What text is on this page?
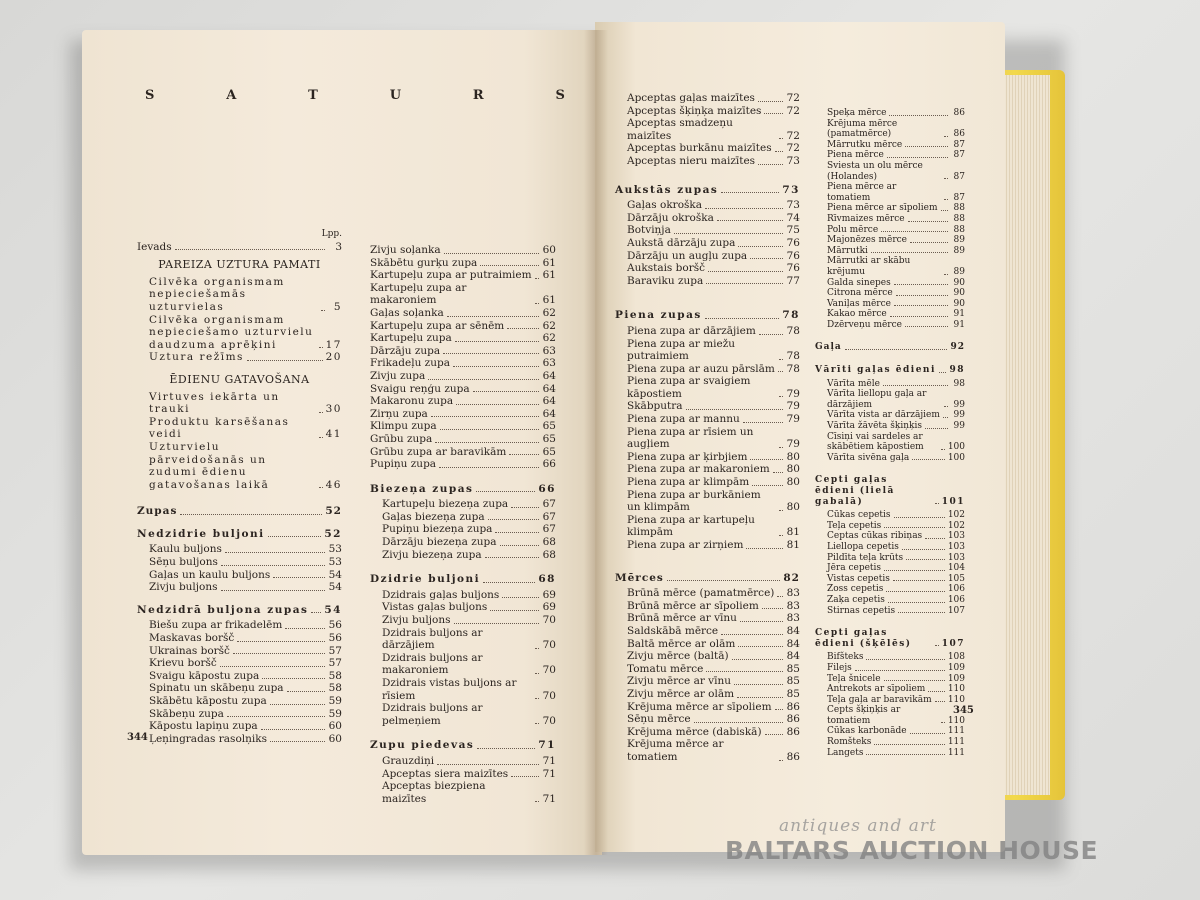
S	A	T	U	R	S
Lpp.
Ievads	3
PAREIZA UZTURA PAMATI
Cilvēka organismam nepieciešamās uzturvielas	5
Cilvēka organismam nepieciešamo uzturvielu daudzuma aprēķini	17
Uztura režīms	20
ĒDIENU GATAVOŠANA
Virtuves iekārta un trauki	30
Produktu karsēšanas veidi	41
Uzturvielu pārveidošanās un zudumi ēdienu gatavošanas laikā	46
Zupas	52
Nedzidrie buljoni	52
Kaulu buljons	53
Sēņu buljons	53
Gaļas un kaulu buljons	54
Zivju buljons	54
Nedzidrā buljona zupas 54
Biešu zupa ar frikadelēm	56
Maskavas boršč	56
Ukrainas boršč	57
Krievu boršč	57
Svaigu kāpostu zupa	58
Spinatu un skābeņu zupa	58
Skābētu kāpostu zupa	59
Skābeņu zupa	59
Kāpostu lapiņu zupa	60
Ļeņingradas rasolņiks	60
Zivju soļanka	60
Skābētu gurķu zupa	61
Kartupeļu zupa ar putraimiem 61
Kartupeļu zupa ar makaroniem	61
Gaļas soļanka	62
Kartupeļu zupa ar sēnēm	62
Kartupeļu zupa	62
Dārzāju zupa	63
Frikadeļu zupa	63
Zivju zupa	64
Svaigu reņģu zupa	64
Makaronu zupa	64
Zirņu zupa	64
Klimpu zupa	65
Grūbu zupa	65
Grūbu zupa ar baravikām	65
Pupiņu zupa	66
Biezeņa zupas	66
Kartupeļu biezeņa zupa	67
Gaļas biezeņa zupa	67
Pupiņu biezeņa zupa	67
Dārzāju biezeņa zupa	68
Zivju biezeņa zupa	68
Dzidrie buljoni	68
Dzidrais gaļas buljons	69
Vistas gaļas buljons	69
Zivju buljons	70
Dzidrais buljons ar dārzājiem	70
Dzidrais buljons ar makaroniem	70
Dzidrais vistas buljons ar rīsiem	70
Dzidrais buljons ar pelmeņiem	70
Zupu piedevas	71
Grauzdiņi	71
Apceptas siera maizītes	71
Apceptas biezpiena maizītes	71
Apceptas gaļas maizītes	72
Apceptas šķiņķa maizītes 72
Apceptas smadzeņu maizītes	72
Apceptas burkānu maizītes 72
Apceptas nieru maizītes	73
Aukstās zupas	73
Gaļas okroška	73
Dārzāju okroška	74
Botviņja	75
Aukstā dārzāju zupa	76
Dārzāju un augļu zupa	76
Aukstais boršč	76
Baraviku zupa	77
Piena zupas	78
Piena zupa ar dārzājiem	78
Piena zupa ar miežu putraimiem	78
Piena zupa ar auzu pārslām 78
Piena zupa ar svaigiem kāpostiem	79
Skābputra	79
Piena zupa ar mannu	79
Piena zupa ar rīsiem un augļiem	79
Piena zupa ar ķirbjiem	80
Piena zupa ar makaroniem 80
Piena zupa ar klimpām	80
Piena zupa ar burkāniem un klimpām	80
Piena zupa ar kartupeļu klimpām	81
Piena zupa ar zirņiem	81
Mērces	82
Brūnā mērce (pamatmērce) 83
Brūnā mērce ar sīpoliem	83
Brūnā mērce ar vīnu	83
Saldskābā mērce	84
Baltā mērce ar olām	84
Zivju mērce (baltā)	84
Tomatu mērce	85
Zivju mērce ar vīnu	85
Zivju mērce ar olām	85
Krējuma mērce ar sīpoliem 86
Sēņu mērce	86
Krējuma mērce (dabiskā) 86
Krējuma mērce ar tomatiem	86
Speķa mērce	86
Krējuma mērce (pamatmērce)	86
Mārrutku mērce	87
Piena mērce	87
Sviesta un olu mērce (Holandes)	87
Piena mērce ar tomatiem	87
Piena mērce ar sīpoliem 88
Rīvmaizes mērce	88
Polu mērce	88
Majonēzes mērce	89
Mārrutki	89
Mārrutki ar skābu krējumu	89
Galda sinepes	90
Citrona mērce	90
Vaniļas mērce	90
Kakao mērce	91
Dzērveņu mērce	91
Gaļa	92
Vārīti gaļas ēdieni 98
Vārīta mēle	98
Vārīta liellopu gaļa ar dārzājiem	99
Vārīta vista ar dārzājiem 99
Vārīta žāvēta šķiņķis	99
Cīsiņi vai sardeles ar skābētiem kāpostiem	100
Vārīta sivēna gaļa	100
Cepti gaļas ēdieni (lielā gabalā)	101
Cūkas cepetis	102
Teļa cepetis	102
Ceptas cūkas ribiņas	103
Liellopa cepetis	103
Pildīta teļa krūts	103
Jēra cepetis	104
Vistas cepetis	105
Zoss cepetis	106
Zaķa cepetis	106
Stirnas cepetis	107
Cepti gaļas ēdieni (šķēlēs)	107
Bifšteks	108
Filejs	109
Teļa šnicele	109
Antrekots ar sīpoliem 110
Teļa gaļa ar baravikām 110
Cepts šķiņķis ar tomatiem	110
Cūkas karbonāde	111
Romšteks	111
Langets	111
344
345
antiques and art
BALTARS AUCTION HOUSE
